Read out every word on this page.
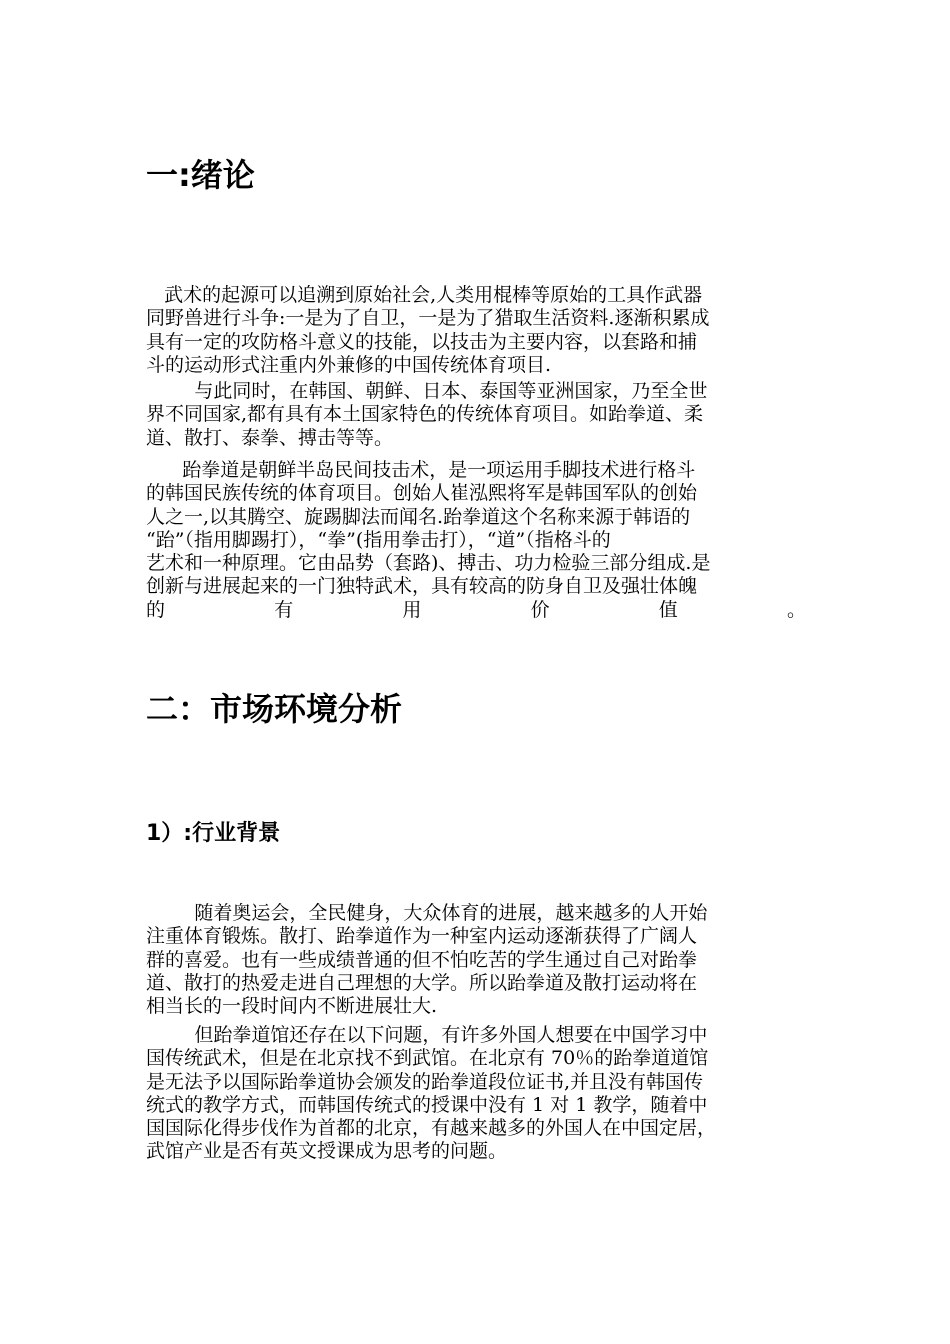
一:绪论
武术的起源可以追溯到原始社会,人类用棍棒等原始的工具作武器
同野兽进行斗争:一是为了自卫，一是为了猎取生活资料.逐渐积累成
具有一定的攻防格斗意义的技能，以技击为主要内容，以套路和捕
斗的运动形式注重内外兼修的中国传统体育项目.
与此同时，在韩国、朝鲜、日本、泰国等亚洲国家，乃至全世
界不同国家,都有具有本土国家特色的传统体育项目。如跆拳道、柔
道、散打、泰拳、搏击等等。
跆拳道是朝鲜半岛民间技击术，是一项运用手脚技术进行格斗
的韩国民族传统的体育项目。创始人崔泓熙将军是韩国军队的创始
人之一,以其腾空、旋踢脚法而闻名.跆拳道这个名称来源于韩语的
“跆”（指用脚踢打），“拳”(指用拳击打），“道”（指格斗的
艺术和一种原理。它由品势（套路)、搏击、功力检验三部分组成.是
创新与进展起来的一门独特武术，具有较高的防身自卫及强壮体魄
的	有	用	价	值	。
二：市场环境分析
1）:行业背景
随着奥运会，全民健身，大众体育的进展，越来越多的人开始
注重体育锻炼。散打、跆拳道作为一种室内运动逐渐获得了广阔人
群的喜爱。也有一些成绩普通的但不怕吃苦的学生通过自己对跆拳
道、散打的热爱走进自己理想的大学。所以跆拳道及散打运动将在
相当长的一段时间内不断进展壮大.
但跆拳道馆还存在以下问题，有许多外国人想要在中国学习中
国传统武术，但是在北京找不到武馆。在北京有 70％的跆拳道道馆
是无法予以国际跆拳道协会颁发的跆拳道段位证书,并且没有韩国传
统式的教学方式，而韩国传统式的授课中没有 1 对 1 教学，随着中
国国际化得步伐作为首都的北京，有越来越多的外国人在中国定居，
武馆产业是否有英文授课成为思考的问题。
